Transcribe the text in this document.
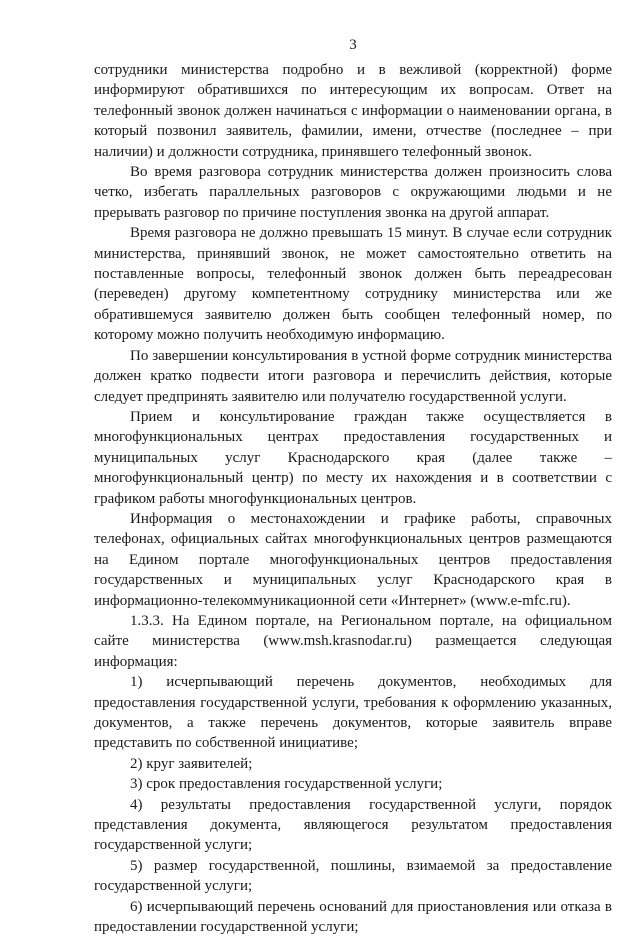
3

сотрудники министерства подробно и в вежливой (корректной) форме информируют обратившихся по интересующим их вопросам. Ответ на телефонный звонок должен начинаться с информации о наименовании органа, в который позвонил заявитель, фамилии, имени, отчестве (последнее – при наличии) и должности сотрудника, принявшего телефонный звонок.

Во время разговора сотрудник министерства должен произносить слова четко, избегать параллельных разговоров с окружающими людьми и не прерывать разговор по причине поступления звонка на другой аппарат.

Время разговора не должно превышать 15 минут. В случае если сотрудник министерства, принявший звонок, не может самостоятельно ответить на поставленные вопросы, телефонный звонок должен быть переадресован (переведен) другому компетентному сотруднику министерства или же обратившемуся заявителю должен быть сообщен телефонный номер, по которому можно получить необходимую информацию.

По завершении консультирования в устной форме сотрудник министерства должен кратко подвести итоги разговора и перечислить действия, которые следует предпринять заявителю или получателю государственной услуги.

Прием и консультирование граждан также осуществляется в многофункциональных центрах предоставления государственных и муниципальных услуг Краснодарского края (далее также – многофункциональный центр) по месту их нахождения и в соответствии с графиком работы многофункциональных центров.

Информация о местонахождении и графике работы, справочных телефонах, официальных сайтах многофункциональных центров размещаются на Едином портале многофункциональных центров предоставления государственных и муниципальных услуг Краснодарского края в информационно-телекоммуникационной сети «Интернет» (www.e-mfc.ru).

1.3.3. На Едином портале, на Региональном портале, на официальном сайте министерства (www.msh.krasnodar.ru) размещается следующая информация:

1) исчерпывающий перечень документов, необходимых для предоставления государственной услуги, требования к оформлению указанных, документов, а также перечень документов, которые заявитель вправе представить по собственной инициативе;

2) круг заявителей;

3) срок предоставления государственной услуги;

4) результаты предоставления государственной услуги, порядок представления документа, являющегося результатом предоставления государственной услуги;

5) размер государственной, пошлины, взимаемой за предоставление государственной услуги;

6) исчерпывающий перечень оснований для приостановления или отказа в предоставлении государственной услуги;
